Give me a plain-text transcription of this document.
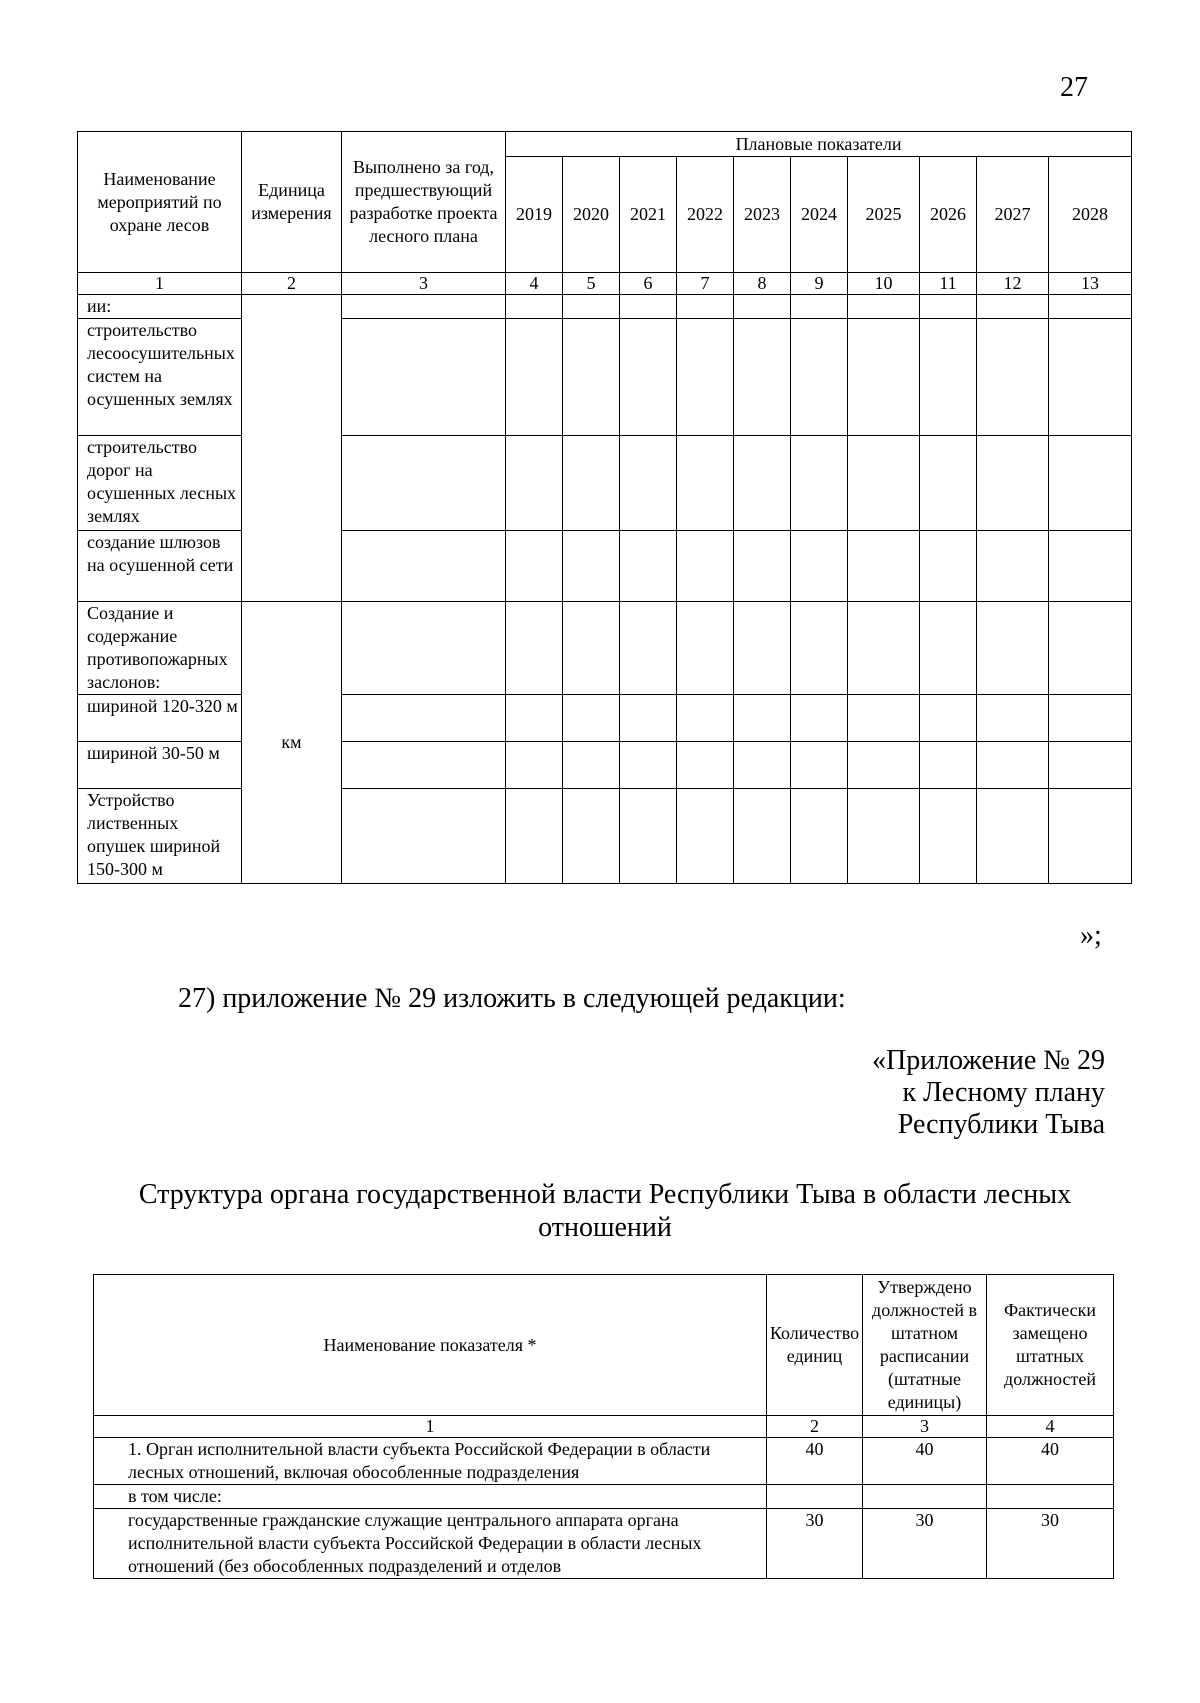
27
Наименование мероприятий по охране лесов	Единица измерения	Выполнено за год, предшествующий разработке проекта лесного плана	Плановые показатели									
			2019	2020	2021	2022	2023	2024	2025	2026	2027	2028
1	2	3	4	5	6	7	8	9	10	11	12	13
ии:												
строительство лесоосушительных систем на осушенных землях												
строительство дорог на осушенных лесных землях												
создание шлюзов на осушенной сети												
Создание и содержание противопожарных заслонов:	км											
шириной 120-320 м												
шириной 30-50 м												
Устройство лиственных опушек шириной 150-300 м												
»;
27) приложение № 29 изложить в следующей редакции:
«Приложение № 29
к Лесному плану
Республики Тыва
Структура органа государственной власти Республики Тыва в области лесных отношений
Наименование показателя *	Количество единиц	Утверждено должностей в штатном расписании (штатные единицы)	Фактически замещено штатных должностей
1	2	3	4
1. Орган исполнительной власти субъекта Российской Федерации в области лесных отношений, включая обособленные подразделения	40	40	40
в том числе:			
государственные гражданские служащие центрального аппарата органа исполнительной власти субъекта Российской Федерации в области лесных отношений (без обособленных подразделений и отделов	30	30	30
